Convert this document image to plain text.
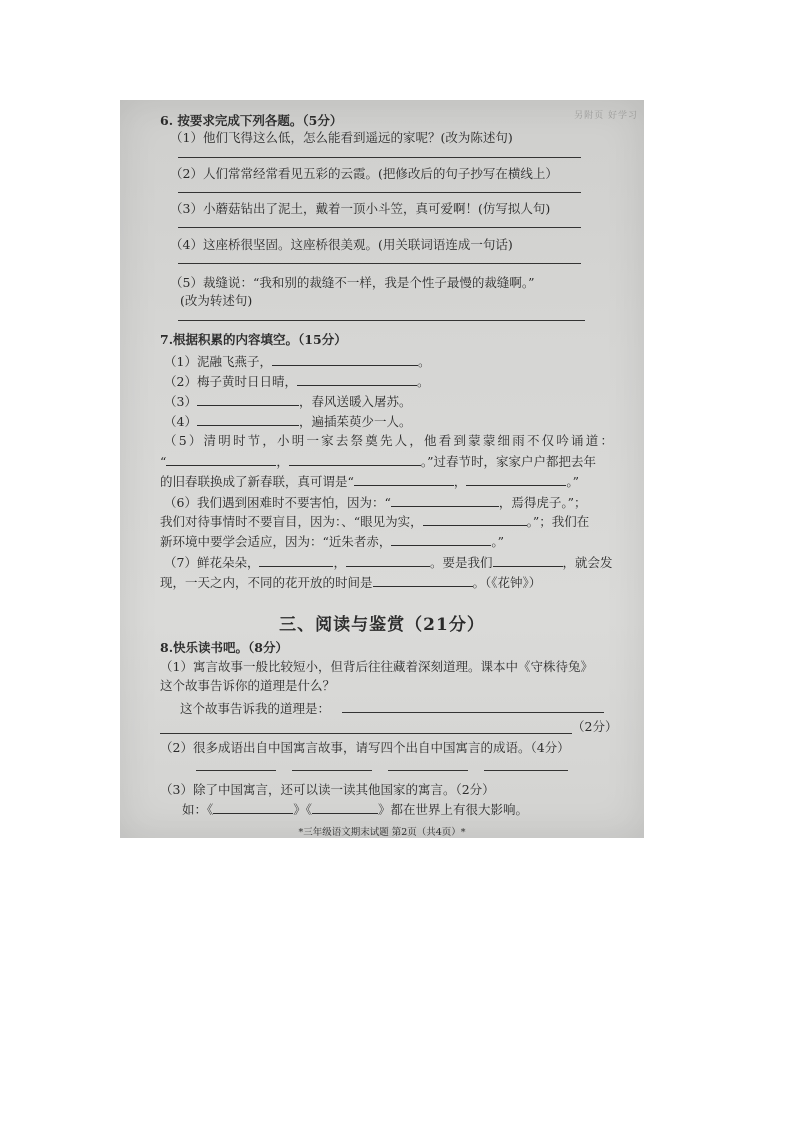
另附页 好学习
6. 按要求完成下列各题。（5分）
（1）他们飞得这么低，怎么能看到遥远的家呢？(改为陈述句)
（2）人们常常经常看见五彩的云霞。(把修改后的句子抄写在横线上）
（3）小蘑菇钻出了泥土，戴着一顶小斗笠，真可爱啊！(仿写拟人句)
（4）这座桥很坚固。这座桥很美观。(用关联词语连成一句话)
（5）裁缝说：“我和别的裁缝不一样，我是个性子最慢的裁缝啊。”
(改为转述句)
7.根据积累的内容填空。（15分）
（1）泥融飞燕子，	。
（2）梅子黄时日日晴，	。
（3）	，春风送暖入屠苏。
（4）	，遍插茱萸少一人。
（5）清明时节，小明一家去祭奠先人，他看到蒙蒙细雨不仅吟诵道：
“	，	。”过春节时，家家户户都把去年
的旧春联换成了新春联，真可谓是“	，	。”
（6）我们遇到困难时不要害怕，因为：“	，焉得虎子。”；
我们对待事情时不要盲目，因为：、“眼见为实，	。”；我们在
新环境中要学会适应，因为：“近朱者赤，	。”
（7）鲜花朵朵，	，	。要是我们	，就会发
现，一天之内，不同的花开放的时间是	。（《花钟》）
三、阅读与鉴赏（21分）
8.快乐读书吧。（8分）
（1）寓言故事一般比较短小，但背后往往藏着深刻道理。课本中《守株待兔》
这个故事告诉你的道理是什么？
这个故事告诉我的道理是：
（2分）
（2）很多成语出自中国寓言故事，请写四个出自中国寓言的成语。（4分）
（3）除了中国寓言，还可以读一读其他国家的寓言。（2分）
如：《	》《	》都在世界上有很大影响。
*三年级语文期末试题 第2页（共4页）*
